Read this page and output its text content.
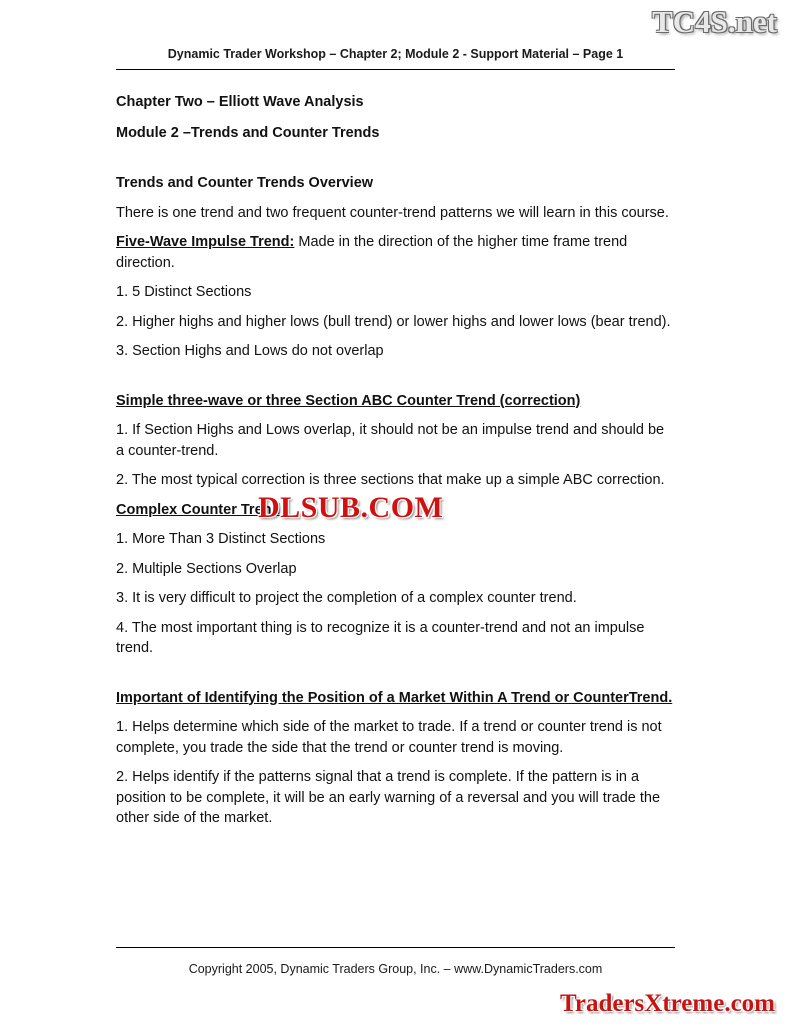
TC4S.net
Dynamic Trader Workshop – Chapter 2; Module 2 - Support Material – Page 1

Chapter Two – Elliott Wave Analysis

Module 2 –Trends and Counter Trends

Trends and Counter Trends Overview

There is one trend and two frequent counter-trend patterns we will learn in this course.

Five-Wave Impulse Trend: Made in the direction of the higher time frame trend direction.

1. 5 Distinct Sections

2. Higher highs and higher lows (bull trend) or lower highs and lower lows (bear trend).

3. Section Highs and Lows do not overlap

Simple three-wave or three Section ABC Counter Trend (correction)

1. If Section Highs and Lows overlap, it should not be an impulse trend and should be a counter-trend.

2. The most typical correction is three sections that make up a simple ABC correction.

Complex Counter Trend

1. More Than 3 Distinct Sections

2. Multiple Sections Overlap

3. It is very difficult to project the completion of a complex counter trend.

4. The most important thing is to recognize it is a counter-trend and not an impulse trend.

Important of Identifying the Position of a Market Within A Trend or CounterTrend.

1. Helps determine which side of the market to trade. If a trend or counter trend is not complete, you trade the side that the trend or counter trend is moving.

2. Helps identify if the patterns signal that a trend is complete. If the pattern is in a position to be complete, it will be an early warning of a reversal and you will trade the other side of the market.

DLSUB.COM
Copyright 2005, Dynamic Traders Group, Inc. – www.DynamicTraders.com
TradersXtreme.com
